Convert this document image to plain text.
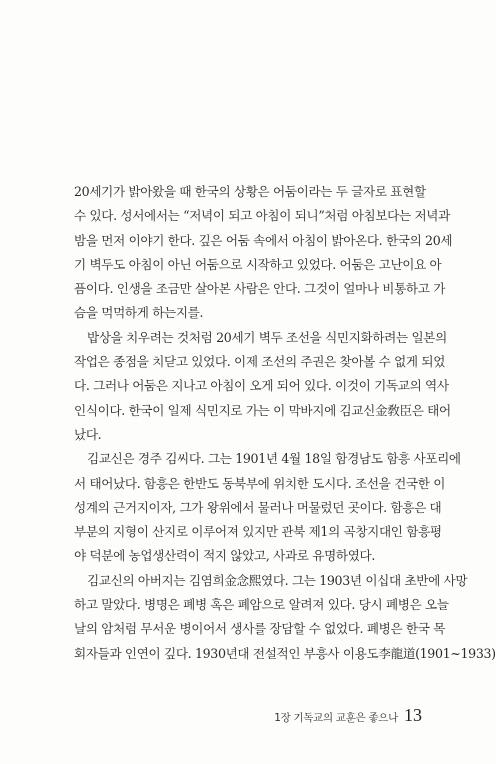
20세기가 밝아왔을 때 한국의 상황은 어둠이라는 두 글자로 표현할
수 있다. 성서에서는 “저녁이 되고 아침이 되니”처럼 아침보다는 저녁과
밤을 먼저 이야기 한다. 깊은 어둠 속에서 아침이 밝아온다. 한국의 20세
기 벽두도 아침이 아닌 어둠으로 시작하고 있었다. 어둠은 고난이요 아
픔이다. 인생을 조금만 살아본 사람은 안다. 그것이 얼마나 비통하고 가
슴을 먹먹하게 하는지를.

밥상을 치우려는 것처럼 20세기 벽두 조선을 식민지화하려는 일본의
작업은 종점을 치닫고 있었다. 이제 조선의 주권은 찾아볼 수 없게 되었
다. 그러나 어둠은 지나고 아침이 오게 되어 있다. 이것이 기독교의 역사
인식이다. 한국이 일제 식민지로 가는 이 막바지에 김교신金敎臣은 태어
났다.

김교신은 경주 김씨다. 그는 1901년 4월 18일 함경남도 함흥 사포리에
서 태어났다. 함흥은 한반도 동북부에 위치한 도시다. 조선을 건국한 이
성계의 근거지이자, 그가 왕위에서 물러나 머물렀던 곳이다. 함흥은 대
부분의 지형이 산지로 이루어져 있지만 관북 제1의 곡창지대인 함흥평
야 덕분에 농업생산력이 적지 않았고, 사과로 유명하였다.

김교신의 아버지는 김염희金念熙였다. 그는 1903년 이십대 초반에 사망
하고 말았다. 병명은 폐병 혹은 폐암으로 알려져 있다. 당시 폐병은 오늘
날의 암처럼 무서운 병이어서 생사를 장담할 수 없었다. 폐병은 한국 목
회자들과 인연이 깊다. 1930년대 전설적인 부흥사 이용도李龍道(1901~1933)

1장 기독교의 교훈은 좋으나 13
